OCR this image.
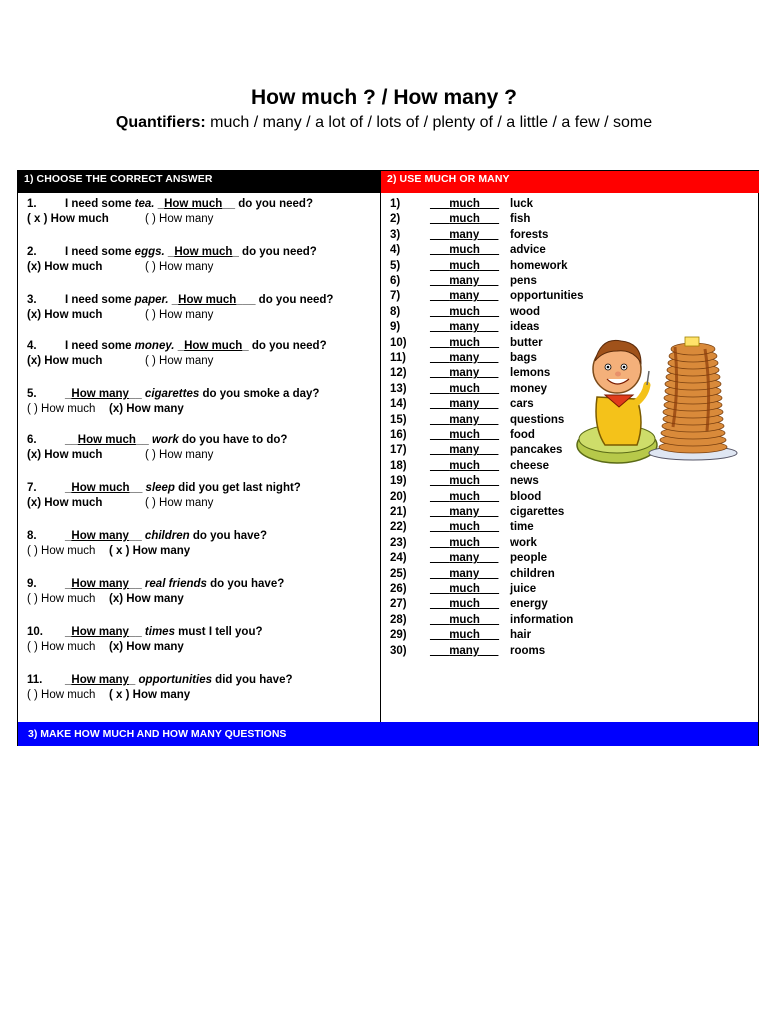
How much ? / How many ?
Quantifiers: much / many / a lot of / lots of / plenty of / a little / a few / some
1) CHOOSE THE CORRECT ANSWER	2) USE MUCH OR MANY
1. I need some tea. _How much__ do you need?
( x ) How much	( ) How many
2. I need some eggs. _How much_ do you need?
(x) How much	( ) How many
3. I need some paper. _How much___ do you need?
(x) How much	( ) How many
4. I need some money. _How much_ do you need?
(x) How much	( ) How many
5. _How many__ cigarettes do you smoke a day?
( ) How much (x) How many
6. __How much__ work do you have to do?
(x) How much	( ) How many
7. _How much__ sleep did you get last night?
(x) How much	( ) How many
8. _How many__ children do you have?
( ) How much ( x ) How many
9. _How many__ real friends do you have?
( ) How much (x) How many
10. _How many__ times must I tell you?
( ) How much (x) How many
11. _How many_ opportunities did you have?
( ) How much ( x ) How many
1)	___much___ luck
2)	___much___ fish
3)	___many___ forests
4)	___much___ advice
5)	___much___ homework
6)	___many___ pens
7)	___many___ opportunities
8)	___much___ wood
9)	___many___ ideas
10) ___much___ butter
11) ___many___ bags
12) ___many___ lemons
13) ___much___ money
14) ___many___ cars
15) ___many___ questions
16) ___much___ food
17) ___many___ pancakes
18) ___much___ cheese
19) ___much___ news
20) ___much___ blood
21) ___many___ cigarettes
22) ___much___ time
23) ___much___ work
24) ___many___ people
25) ___many___ children
26) ___much___ juice
27) ___much___ energy
28) ___much___ information
29) ___much___ hair
30) ___many___ rooms
3) MAKE HOW MUCH AND HOW MANY QUESTIONS
